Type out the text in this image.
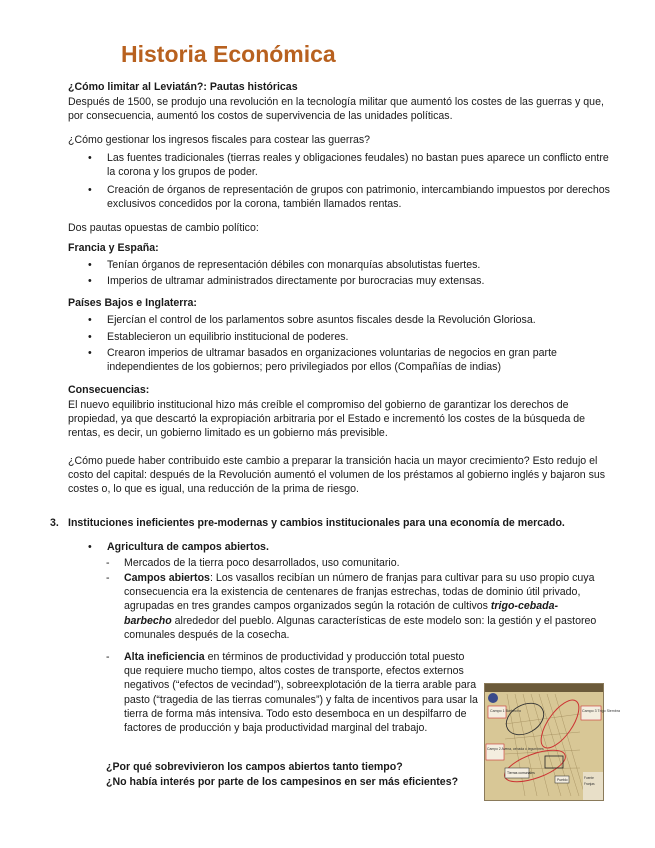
Historia Económica

¿Cómo limitar al Leviatán?: Pautas históricas

Después de 1500, se produjo una revolución en la tecnología militar que aumentó los costes de las guerras y que, por consecuencia, aumentó los costos de supervivencia de las unidades políticas.

¿Cómo gestionar los ingresos fiscales para costear las guerras?

•	Las fuentes tradicionales (tierras reales y obligaciones feudales) no bastan pues aparece un conflicto entre la corona y los grupos de poder.

•	Creación de órganos de representación de grupos con patrimonio, intercambiando impuestos por derechos exclusivos concedidos por la corona, también llamados rentas.

Dos pautas opuestas de cambio político:

Francia y España:

•	Tenían órganos de representación débiles con monarquías absolutistas fuertes.

•	Imperios de ultramar administrados directamente por burocracias muy extensas.

Países Bajos e Inglaterra:

•	Ejercían el control de los parlamentos sobre asuntos fiscales desde la Revolución Gloriosa.

•	Establecieron un equilibrio institucional de poderes.

•	Crearon imperios de ultramar basados en organizaciones voluntarias de negocios en gran parte independientes de los gobiernos; pero privilegiados por ellos (Compañías de indias)

Consecuencias:

El nuevo equilibrio institucional hizo más creíble el compromiso del gobierno de garantizar los derechos de propiedad, ya que descartó la expropiación arbitraria por el Estado e incrementó los costes de la búsqueda de rentas, es decir, un gobierno limitado es un gobierno más previsible.

¿Cómo puede haber contribuido este cambio a preparar la transición hacia un mayor crecimiento? Esto redujo el costo del capital: después de la Revolución aumentó el volumen de los préstamos al gobierno inglés y bajaron sus costes o, lo que es igual, una reducción de la prima de riesgo.

3. Instituciones ineficientes pre-modernas y cambios institucionales para una economía de mercado.

•	Agricultura de campos abiertos.

- Mercados de la tierra poco desarrollados, uso comunitario.

- Campos abiertos: Los vasallos recibían un número de franjas para cultivar para su uso propio cuya consecuencia era la existencia de centenares de franjas estrechas, todas de dominio útil privado, agrupadas en tres grandes campos organizados según la rotación de cultivos trigo-cebada-barbecho alrededor del pueblo. Algunas características de este modelo son: la gestión y el pastoreo comunales después de la cosecha.

- Alta ineficiencia en términos de productividad y producción total puesto que requiere mucho tiempo, altos costes de transporte, efectos externos negativos (“efectos de vecindad”), sobreexplotación de la tierra arable para pasto (“tragedia de las tierras comunales”) y falta de incentivos para usar la tierra de forma más intensiva. Todo esto desemboca en un despilfarro de factores de producción y baja productividad marginal del trabajo.

¿Por qué sobrevivieron los campos abiertos tanto tiempo?

¿No había interés por parte de los campesinos en ser más eficientes?

Campo 1 Barbecho	Campo 3 Trigo Siembra
Campo 2 Avena, cebada o legumbres
Tierras comunales
Pueblo	Fuente
Franjas
